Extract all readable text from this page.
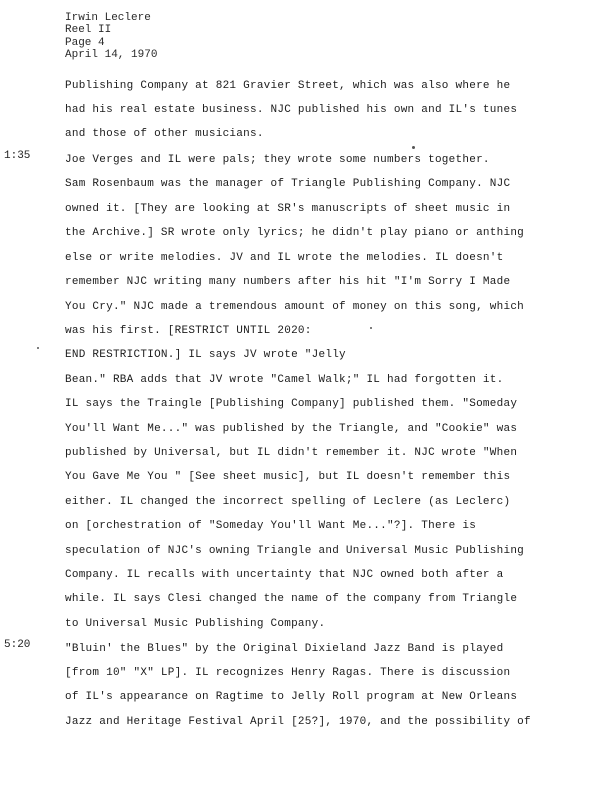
Irwin Leclere
Reel II
Page 4
April 14, 1970
1:35
5:20
Publishing Company at 821 Gravier Street, which was also where he
had his real estate business. NJC published his own and IL's tunes
and those of other musicians.
Joe Verges and IL were pals; they wrote some numbers together.
Sam Rosenbaum was the manager of Triangle Publishing Company. NJC
owned it. [They are looking at SR's manuscripts of sheet music in
the Archive.] SR wrote only lyrics; he didn't play piano or anthing
else or write melodies. JV and IL wrote the melodies. IL doesn't
remember NJC writing many numbers after his hit "I'm Sorry I Made
You Cry." NJC made a tremendous amount of money on this song, which
was his first. [RESTRICT UNTIL 2020:
END RESTRICTION.] IL says JV wrote "Jelly
Bean." RBA adds that JV wrote "Camel Walk;" IL had forgotten it.
IL says the Traingle [Publishing Company] published them. "Someday
You'll Want Me..." was published by the Triangle, and "Cookie" was
published by Universal, but IL didn't remember it. NJC wrote "When
You Gave Me You " [See sheet music], but IL doesn't remember this
either. IL changed the incorrect spelling of Leclere (as Leclerc)
on [orchestration of "Someday You'll Want Me..."?]. There is
speculation of NJC's owning Triangle and Universal Music Publishing
Company. IL recalls with uncertainty that NJC owned both after a
while. IL says Clesi changed the name of the company from Triangle
to Universal Music Publishing Company.
"Bluin' the Blues" by the Original Dixieland Jazz Band is played
[from 10" "X" LP]. IL recognizes Henry Ragas. There is discussion
of IL's appearance on Ragtime to Jelly Roll program at New Orleans
Jazz and Heritage Festival April [25?], 1970, and the possibility of
